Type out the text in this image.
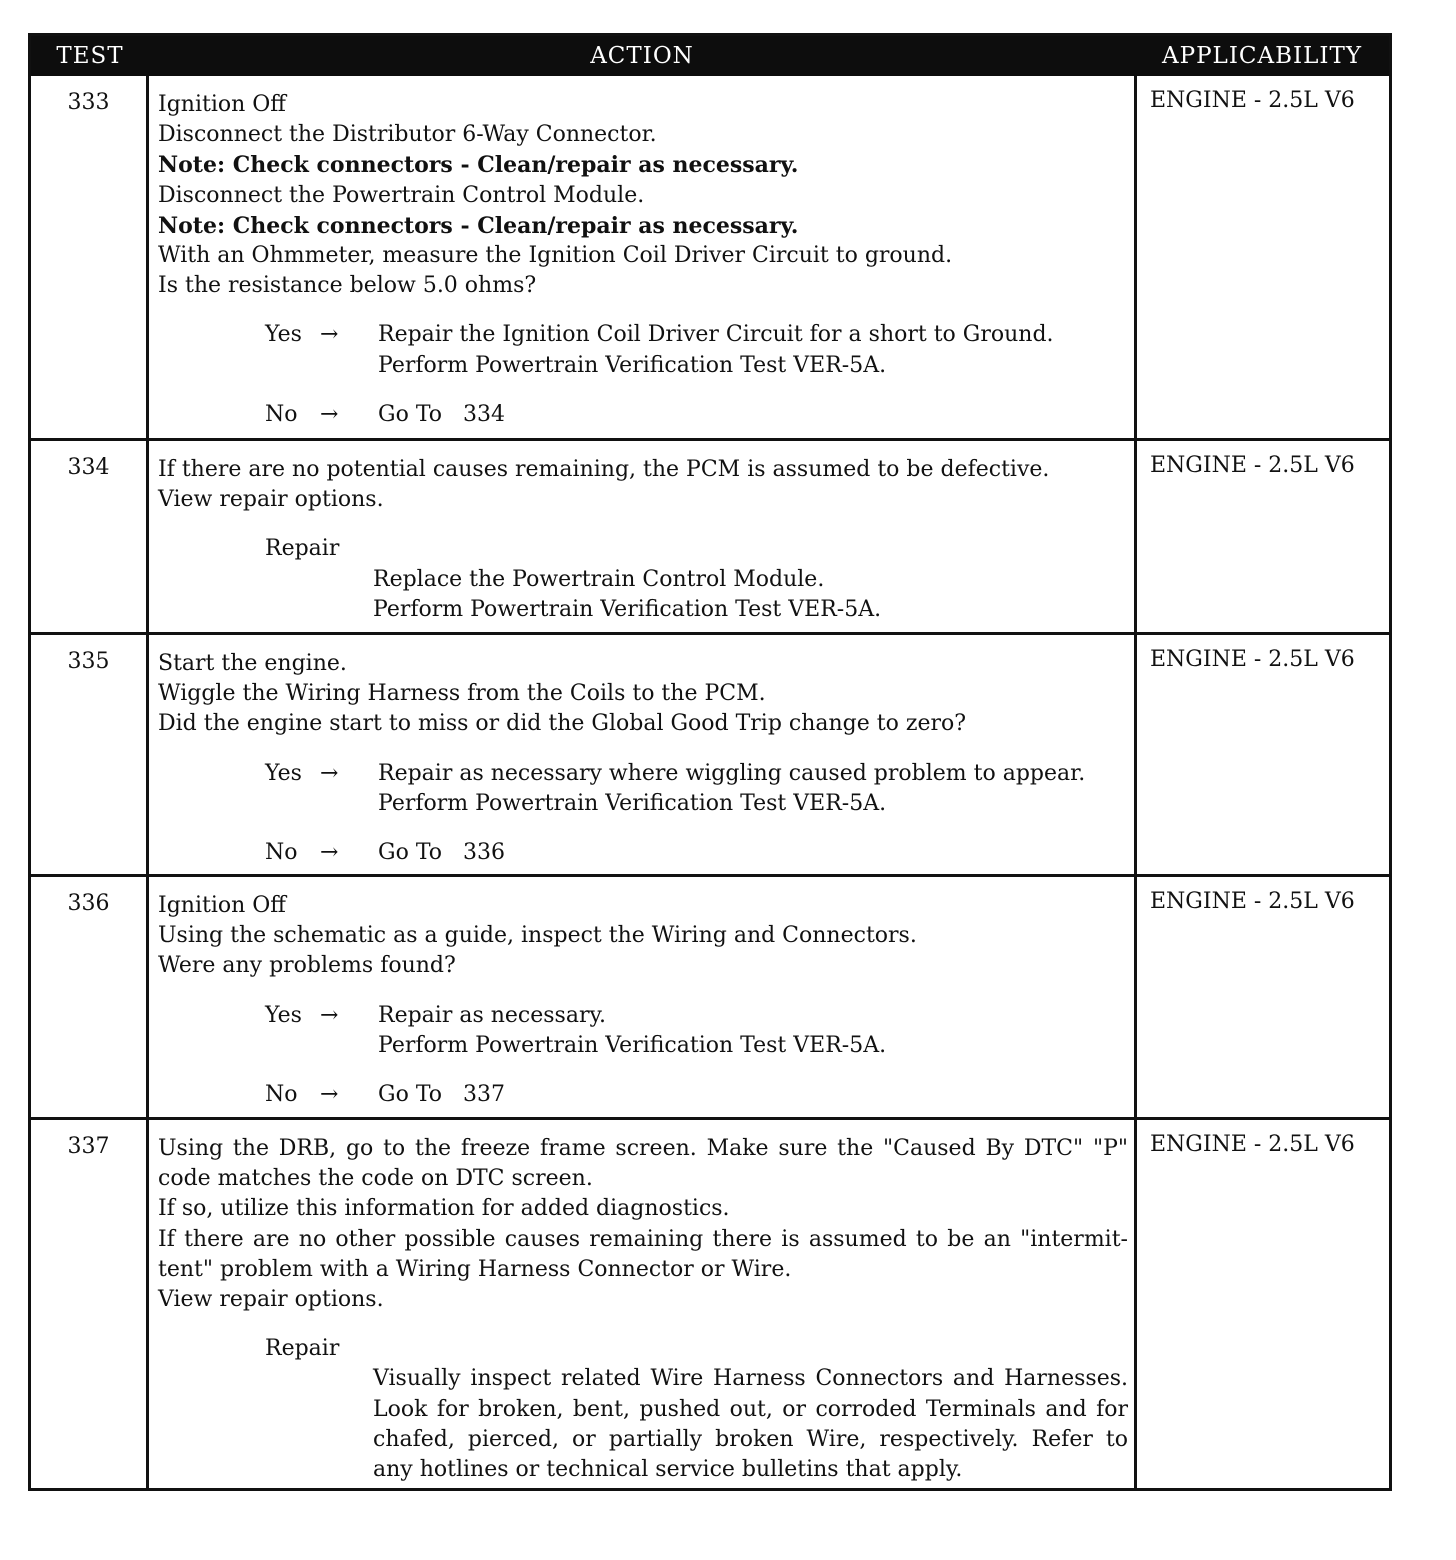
TEST	ACTION	APPLICABILITY
333	Ignition Off
Disconnect the Distributor 6-Way Connector.
Note: Check connectors - Clean/repair as necessary.
Disconnect the Powertrain Control Module.
Note: Check connectors - Clean/repair as necessary.
With an Ohmmeter, measure the Ignition Coil Driver Circuit to ground.
Is the resistance below 5.0 ohms?
Yes →	Repair the Ignition Coil Driver Circuit for a short to Ground.
Perform Powertrain Verification Test VER-5A.
No	→	Go To   334
ENGINE - 2.5L V6
334	If there are no potential causes remaining, the PCM is assumed to be defective.
View repair options.
Repair
Replace the Powertrain Control Module.
Perform Powertrain Verification Test VER-5A.
ENGINE - 2.5L V6
335	Start the engine.
Wiggle the Wiring Harness from the Coils to the PCM.
Did the engine start to miss or did the Global Good Trip change to zero?
Yes →	Repair as necessary where wiggling caused problem to appear.
Perform Powertrain Verification Test VER-5A.
No	→	Go To   336
ENGINE - 2.5L V6
336	Ignition Off
Using the schematic as a guide, inspect the Wiring and Connectors.
Were any problems found?
Yes →	Repair as necessary.
Perform Powertrain Verification Test VER-5A.
No	→	Go To   337
ENGINE - 2.5L V6
337	Using the DRB, go to the freeze frame screen. Make sure the "Caused By DTC" "P"
code matches the code on DTC screen.
If so, utilize this information for added diagnostics.
If there are no other possible causes remaining there is assumed to be an "intermit-
tent" problem with a Wiring Harness Connector or Wire.
View repair options.
Repair
Visually inspect related Wire Harness Connectors and Harnesses.
Look for broken, bent, pushed out, or corroded Terminals and for
chafed, pierced, or partially broken Wire, respectively. Refer to
any hotlines or technical service bulletins that apply.
ENGINE - 2.5L V6
